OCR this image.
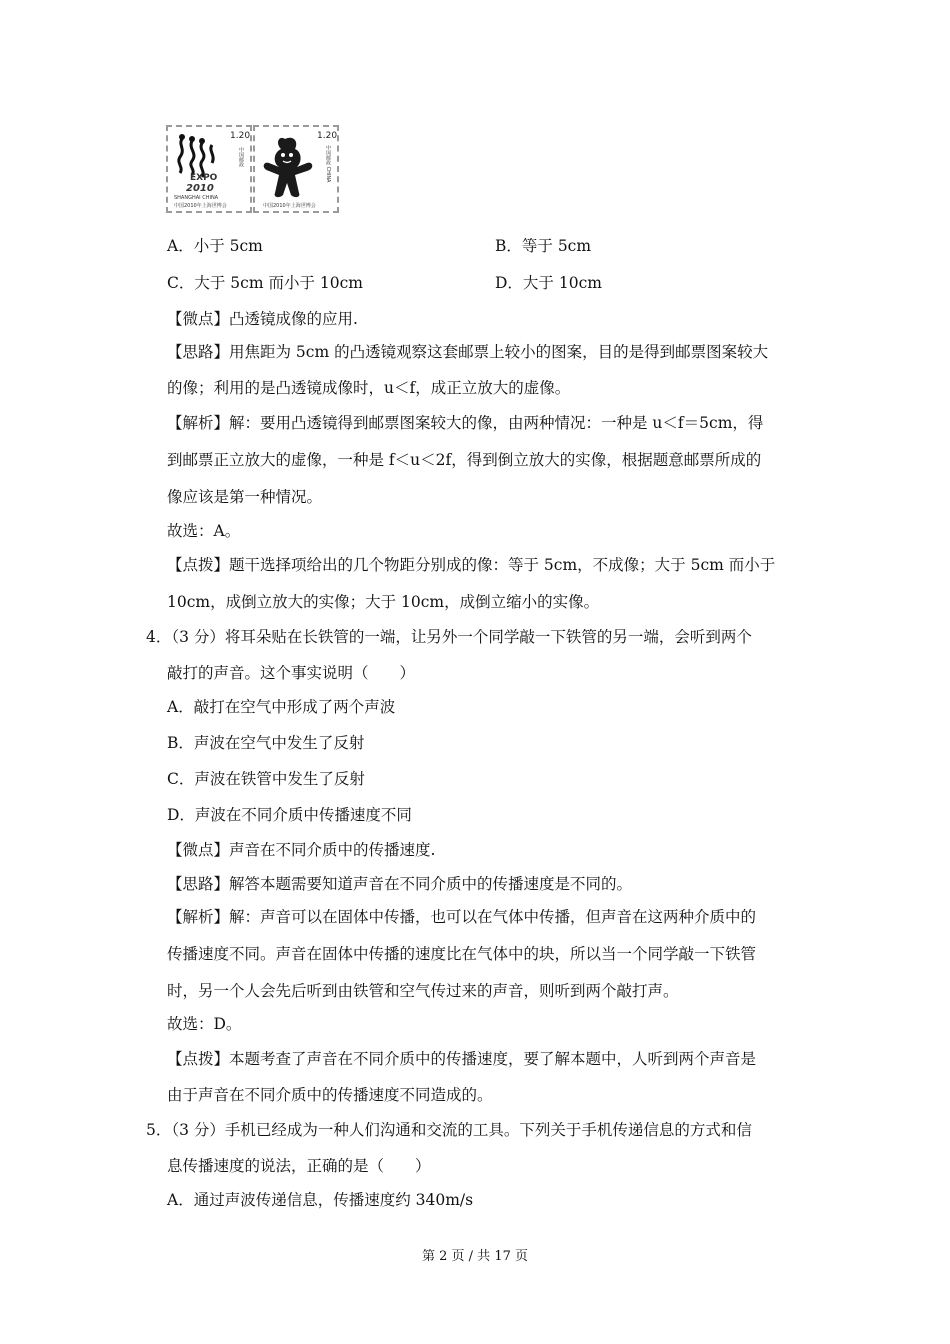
1.20
EXPO
2010
SHANGHAI CHINA
中国2010年上海世博会
中国邮政
1.20
中国邮政 CHINA
中国2010年上海世博会
A．小于 5cm	B．等于 5cm
C．大于 5cm 而小于 10cm	D．大于 10cm
【微点】凸透镜成像的应用.
【思路】用焦距为 5cm 的凸透镜观察这套邮票上较小的图案，目的是得到邮票图案较大
的像；利用的是凸透镜成像时，u＜f，成正立放大的虚像。
【解析】解：要用凸透镜得到邮票图案较大的像，由两种情况：一种是 u＜f＝5cm，得
到邮票正立放大的虚像，一种是 f＜u＜2f，得到倒立放大的实像，根据题意邮票所成的
像应该是第一种情况。
故选：A。
【点拨】题干选择项给出的几个物距分别成的像：等于 5cm，不成像；大于 5cm 而小于
10cm，成倒立放大的实像；大于 10cm，成倒立缩小的实像。
4．（3 分）将耳朵贴在长铁管的一端，让另外一个同学敲一下铁管的另一端，会听到两个
敲打的声音。这个事实说明（　　）
A．敲打在空气中形成了两个声波
B．声波在空气中发生了反射
C．声波在铁管中发生了反射
D．声波在不同介质中传播速度不同
【微点】声音在不同介质中的传播速度.
【思路】解答本题需要知道声音在不同介质中的传播速度是不同的。
【解析】解：声音可以在固体中传播，也可以在气体中传播，但声音在这两种介质中的
传播速度不同。声音在固体中传播的速度比在气体中的块，所以当一个同学敲一下铁管
时，另一个人会先后听到由铁管和空气传过来的声音，则听到两个敲打声。
故选：D。
【点拨】本题考查了声音在不同介质中的传播速度，要了解本题中，人听到两个声音是
由于声音在不同介质中的传播速度不同造成的。
5．（3 分）手机已经成为一种人们沟通和交流的工具。下列关于手机传递信息的方式和信
息传播速度的说法，正确的是（　　）
A．通过声波传递信息，传播速度约 340m/s
第 2 页 / 共 17 页
